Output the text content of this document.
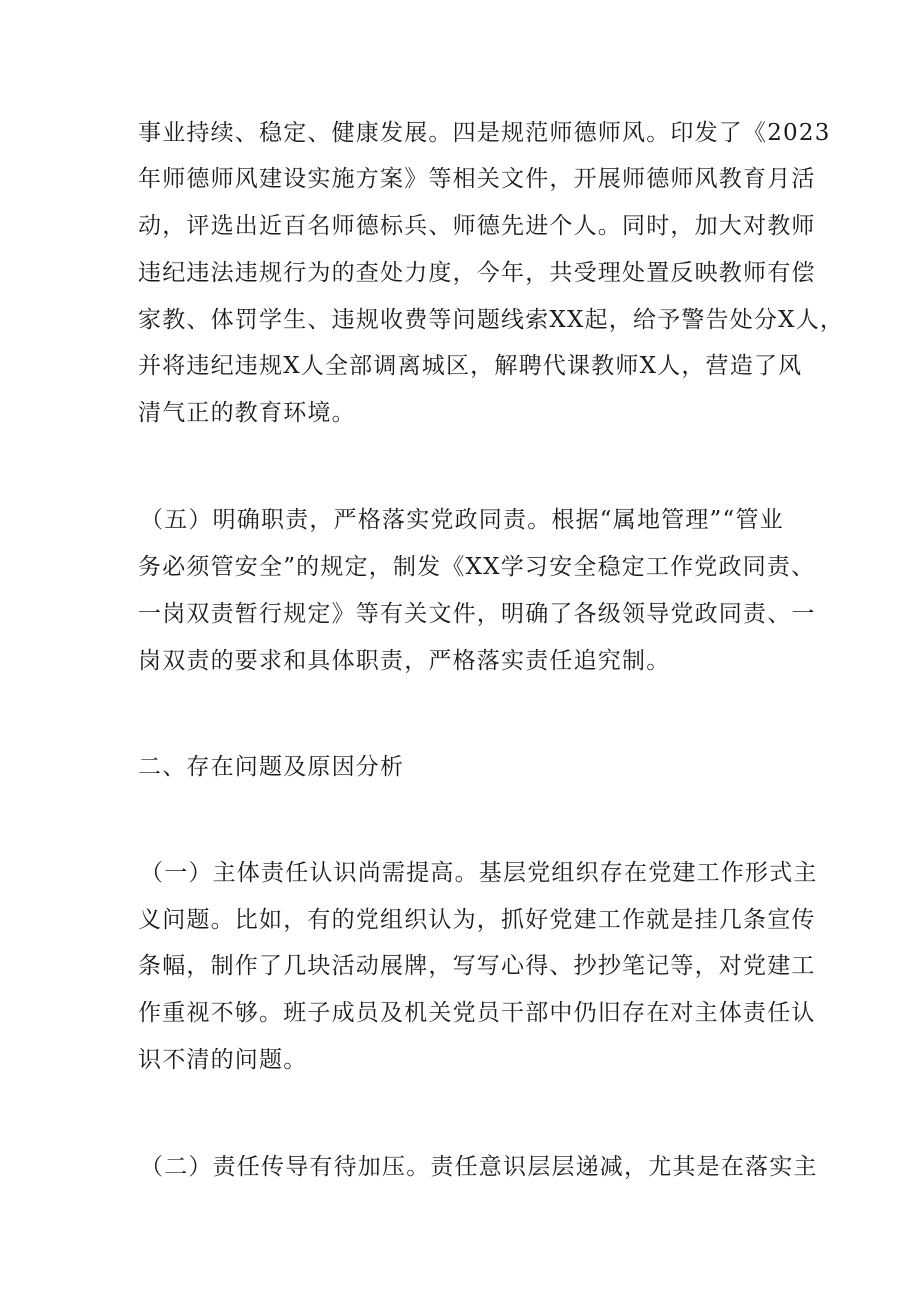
事业持续、稳定、健康发展。四是规范师德师风。印发了《2023

年师德师风建设实施方案》等相关文件，开展师德师风教育月活

动，评选出近百名师德标兵、师德先进个人。同时，加大对教师

违纪违法违规行为的查处力度，今年，共受理处置反映教师有偿

家教、体罚学生、违规收费等问题线索XX起，给予警告处分X人，

并将违纪违规X人全部调离城区，解聘代课教师X人，营造了风

清气正的教育环境。

（五）明确职责，严格落实党政同责。根据“属地管理”“管业

务必须管安全”的规定，制发《XX学习安全稳定工作党政同责、

一岗双责暂行规定》等有关文件，明确了各级领导党政同责、一

岗双责的要求和具体职责，严格落实责任追究制。

二、存在问题及原因分析

（一）主体责任认识尚需提高。基层党组织存在党建工作形式主

义问题。比如，有的党组织认为，抓好党建工作就是挂几条宣传

条幅，制作了几块活动展牌，写写心得、抄抄笔记等，对党建工

作重视不够。班子成员及机关党员干部中仍旧存在对主体责任认

识不清的问题。

（二）责任传导有待加压。责任意识层层递减，尤其是在落实主
